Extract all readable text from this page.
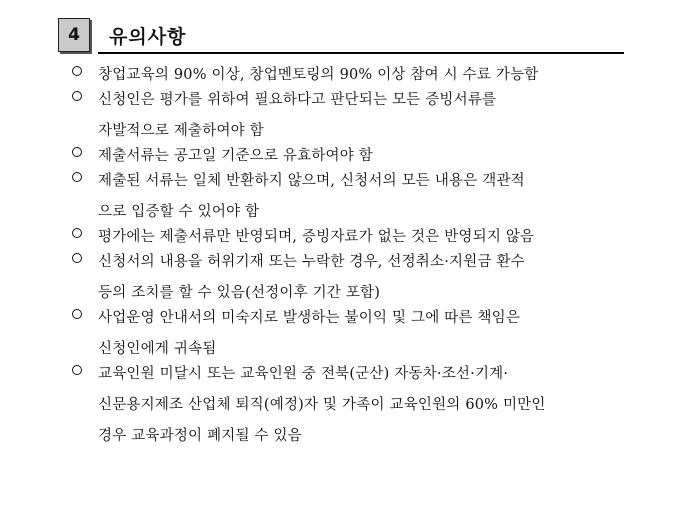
4	유의사항
창업교육의 90% 이상, 창업멘토링의 90% 이상 참여 시 수료 가능함
신청인은 평가를 위하여 필요하다고 판단되는 모든 증빙서류를
자발적으로 제출하여야 함
제출서류는 공고일 기준으로 유효하여야 함
제출된 서류는 일체 반환하지 않으며, 신청서의 모든 내용은 객관적
으로 입증할 수 있어야 함
평가에는 제출서류만 반영되며, 증빙자료가 없는 것은 반영되지 않음
신청서의 내용을 허위기재 또는 누락한 경우, 선정취소·지원금 환수
등의 조치를 할 수 있음(선정이후 기간 포함)
사업운영 안내서의 미숙지로 발생하는 불이익 및 그에 따른 책임은
신청인에게 귀속됨
교육인원 미달시 또는 교육인원 중 전북(군산) 자동차·조선·기계·
신문용지제조 산업체 퇴직(예정)자 및 가족이 교육인원의 60% 미만인
경우 교육과정이 폐지될 수 있음
